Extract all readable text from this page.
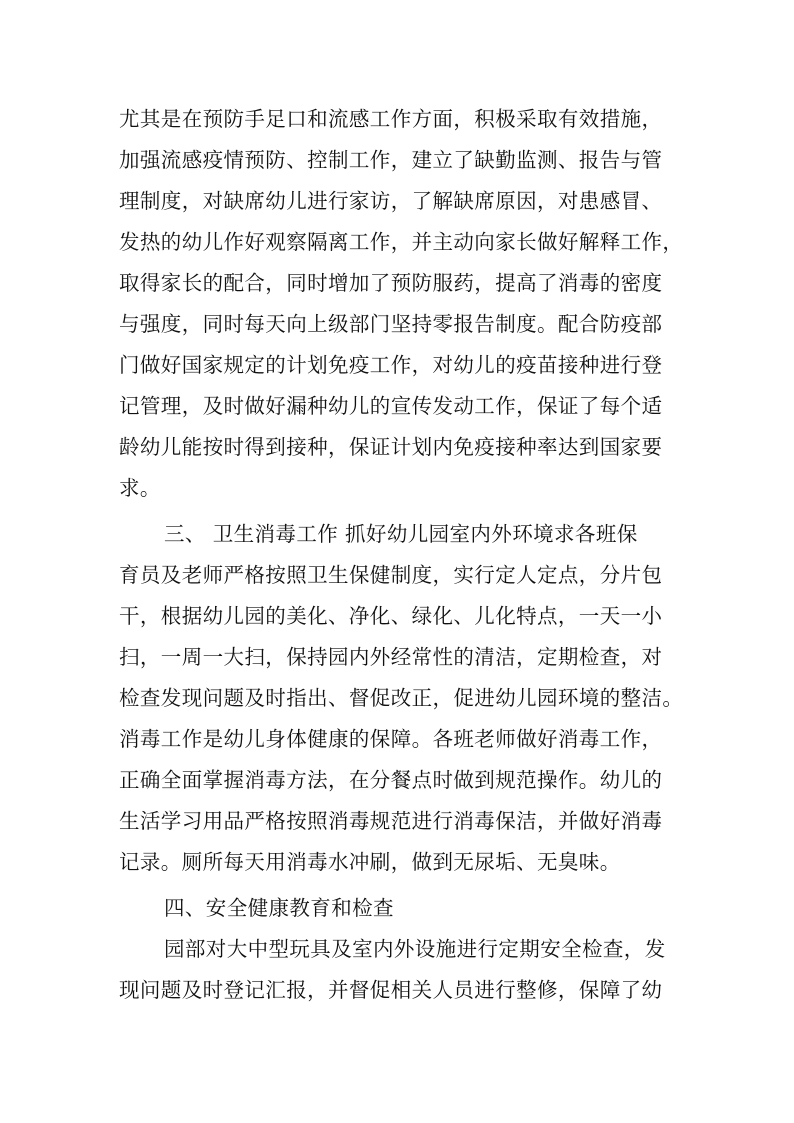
尤其是在预防手足口和流感工作方面，积极采取有效措施，
加强流感疫情预防、控制工作，建立了缺勤监测、报告与管
理制度，对缺席幼儿进行家访，了解缺席原因，对患感冒、
发热的幼儿作好观察隔离工作，并主动向家长做好解释工作，
取得家长的配合，同时增加了预防服药，提高了消毒的密度
与强度，同时每天向上级部门坚持零报告制度。配合防疫部
门做好国家规定的计划免疫工作，对幼儿的疫苗接种进行登
记管理，及时做好漏种幼儿的宣传发动工作，保证了每个适
龄幼儿能按时得到接种，保证计划内免疫接种率达到国家要
求。
三、 卫生消毒工作 抓好幼儿园室内外环境求各班保
育员及老师严格按照卫生保健制度，实行定人定点，分片包
干，根据幼儿园的美化、净化、绿化、儿化特点，一天一小
扫，一周一大扫，保持园内外经常性的清洁，定期检查，对
检查发现问题及时指出、督促改正，促进幼儿园环境的整洁。
消毒工作是幼儿身体健康的保障。各班老师做好消毒工作，
正确全面掌握消毒方法，在分餐点时做到规范操作。幼儿的
生活学习用品严格按照消毒规范进行消毒保洁，并做好消毒
记录。厕所每天用消毒水冲刷，做到无尿垢、无臭味。
四、安全健康教育和检查
园部对大中型玩具及室内外设施进行定期安全检查，发
现问题及时登记汇报，并督促相关人员进行整修，保障了幼
